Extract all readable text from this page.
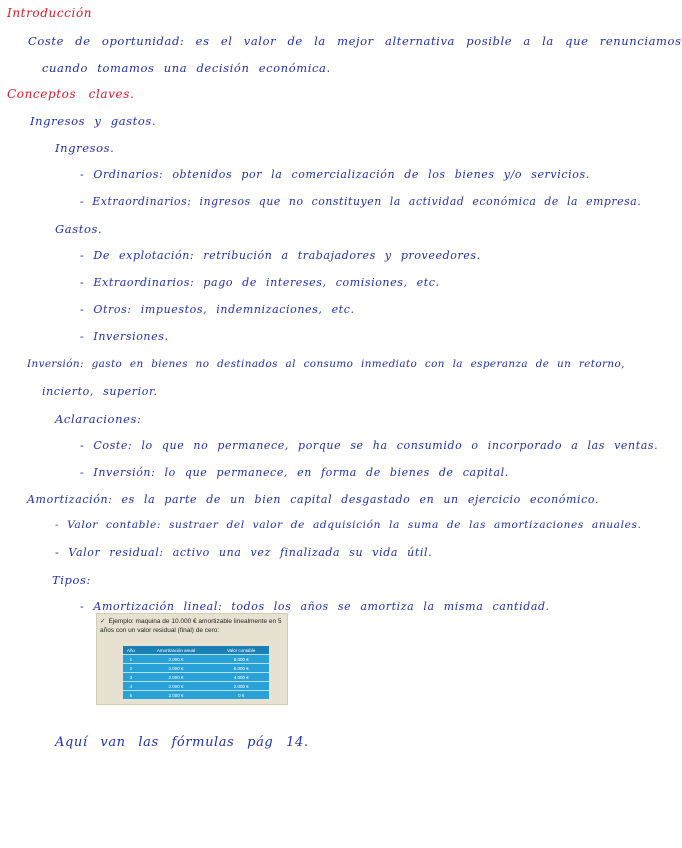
Introducción
Coste de oportunidad: es el valor de la mejor alternativa posible a la que renunciamos
cuando tomamos una decisión económica.
Conceptos claves.
Ingresos y gastos.
Ingresos.
- Ordinarios: obtenidos por la comercialización de los bienes y/o servicios.
- Extraordinarios: ingresos que no constituyen la actividad económica de la empresa.
Gastos.
- De explotación: retribución a trabajadores y proveedores.
- Extraordinarios: pago de intereses, comisiones, etc.
- Otros: impuestos, indemnizaciones, etc.
- Inversiones.
Inversión: gasto en bienes no destinados al consumo inmediato con la esperanza de un retorno,
incierto, superior.
Aclaraciones:
- Coste: lo que no permanece, porque se ha consumido o incorporado a las ventas.
- Inversión: lo que permanece, en forma de bienes de capital.
Amortización: es la parte de un bien capital desgastado en un ejercicio económico.
- Valor contable: sustraer del valor de adquisición la suma de las amortizaciones anuales.
- Valor residual: activo una vez finalizada su vida útil.
Tipos:
- Amortización lineal: todos los años se amortiza la misma cantidad.
✓ Ejemplo: maquina de 10.000 € amortizable linealmente en 5 años con un valor residual (final) de cero:
Año	Amortización anual	Valor contable
1	2.000 €	8.000 €
2	2.000 €	6.000 €
3	2.000 €	4.000 €
4	2.000 €	2.000 €
5	2.000 €	0 €
Aquí van las fórmulas pág 14.
